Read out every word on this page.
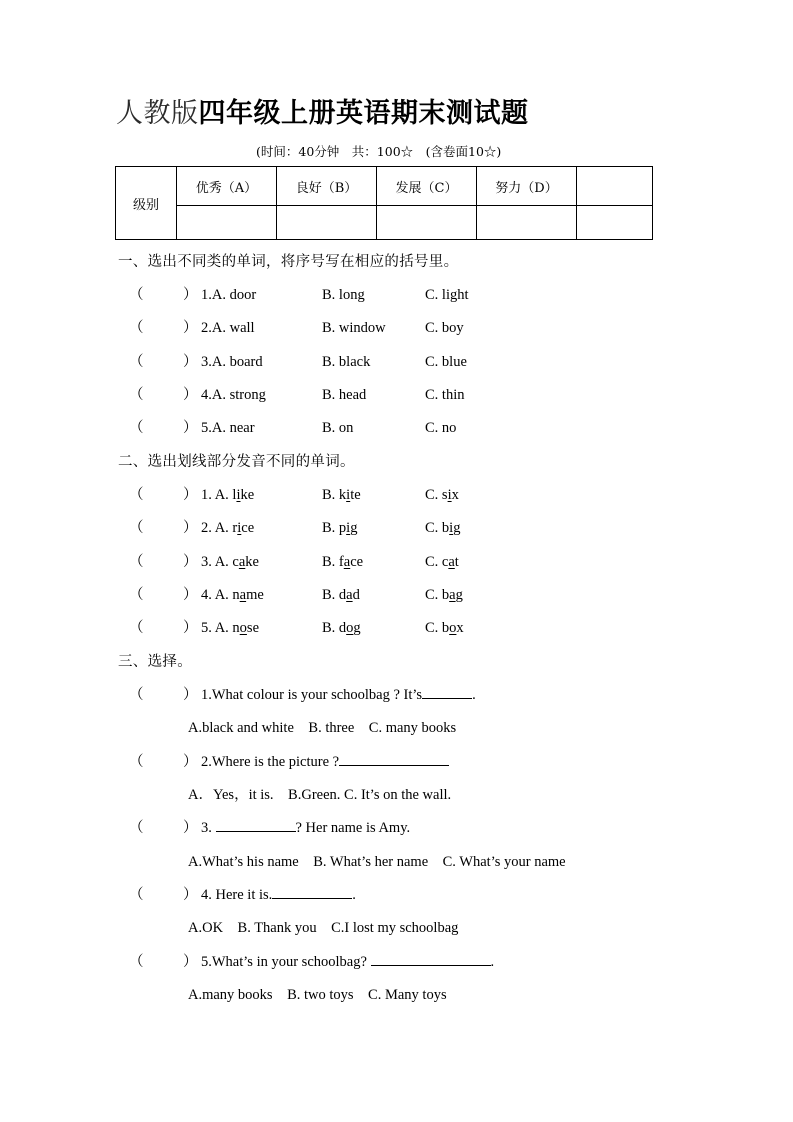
人教版四年级上册英语期末测试题
(时间：40分钟　共：100☆　(含卷面10☆)
级别	优秀（A）	良好（B）	发展（C）	努力（D）	

一、选出不同类的单词，将序号写在相应的括号里。
（	） 1.A. door	B. long	C. light
（	） 2.A. wall	B. window	C. boy
（	） 3.A. board	B. black	C. blue
（	） 4.A. strong	B. head	C. thin
（	） 5.A. near	B. on	C. no
二、选出划线部分发音不同的单词。
（	） 1. A. like	B. kite	C. six
（	） 2. A. rice	B. pig	C. big
（	） 3. A. cake	B. face	C. cat
（	） 4. A. name	B. dad	C. bag
（	） 5. A. nose	B. dog	C. box
三、选择。
（	） 1.What colour is your schoolbag ? It’s	.
A.black and white　B. three　C. many books
（	） 2.Where is the picture ?
A．Yes，it is.　B.Green. C. It’s on the wall.
（	） 3.	? Her name is Amy.
A.What’s his name　B. What’s her name　C. What’s your name
（	） 4. Here it is.	.
A.OK　B. Thank you　C.I lost my schoolbag
（	） 5.What’s in your schoolbag?	.
A.many books　B. two toys　C. Many toys
